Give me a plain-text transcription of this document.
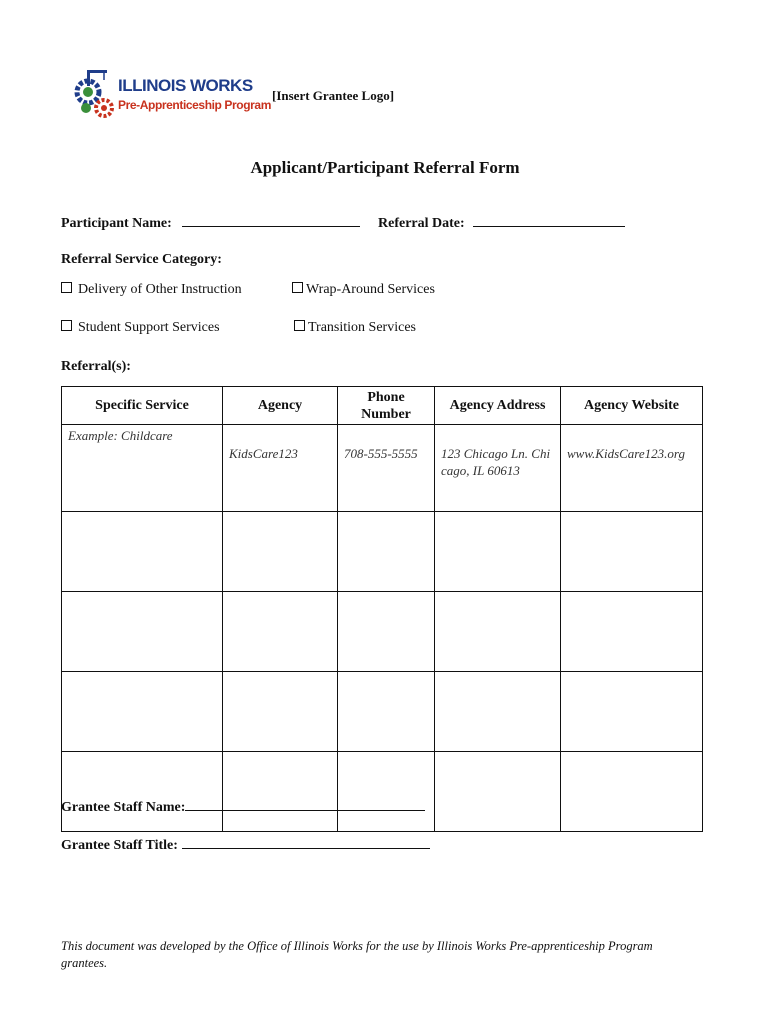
ILLINOIS WORKS
Pre-Apprenticeship Program
[Insert Grantee Logo]
Applicant/Participant Referral Form
Participant Name:	Referral Date:
Referral Service Category:
Delivery of Other Instruction	Wrap-Around Services
Student Support Services	Transition Services
Referral(s):
Specific Service	Agency	Phone Number	Agency Address	Agency Website
Example: Childcare	KidsCare123	708-555-5555	123 Chicago Ln. Chicago, IL 60613	www.KidsCare123.org

Grantee Staff Name:
Grantee Staff Title:
This document was developed by the Office of Illinois Works for the use by Illinois Works Pre-apprenticeship Program grantees.
